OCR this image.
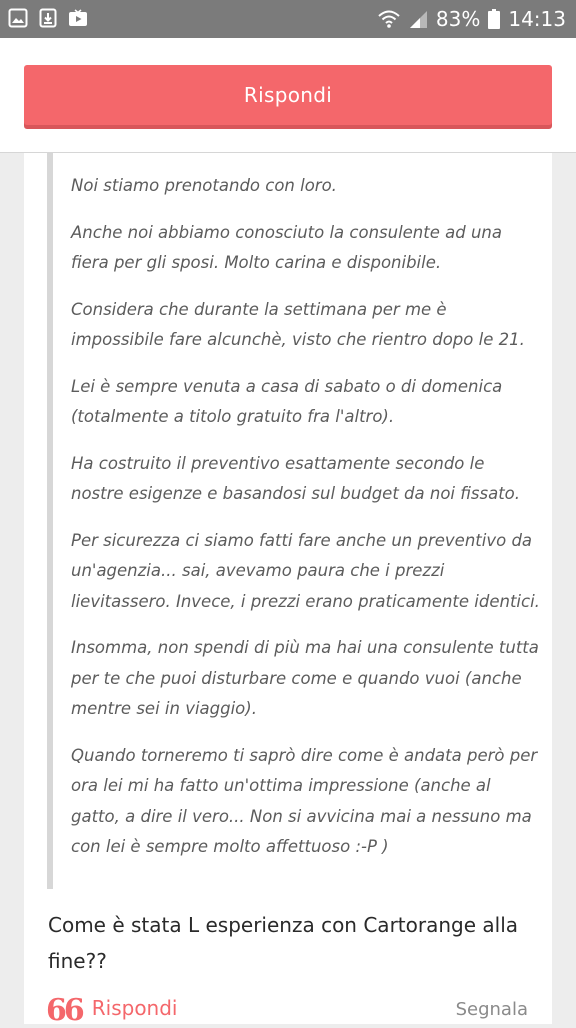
83% 14:13
Rispondi

Noi stiamo prenotando con loro.

Anche noi abbiamo conosciuto la consulente ad una fiera per gli sposi. Molto carina e disponibile.

Considera che durante la settimana per me è impossibile fare alcunchè, visto che rientro dopo le 21.

Lei è sempre venuta a casa di sabato o di domenica (totalmente a titolo gratuito fra l'altro).

Ha costruito il preventivo esattamente secondo le nostre esigenze e basandosi sul budget da noi fissato.

Per sicurezza ci siamo fatti fare anche un preventivo da un'agenzia... sai, avevamo paura che i prezzi lievitassero. Invece, i prezzi erano praticamente identici.

Insomma, non spendi di più ma hai una consulente tutta per te che puoi disturbare come e quando vuoi (anche mentre sei in viaggio).

Quando torneremo ti saprò dire come è andata però per ora lei mi ha fatto un'ottima impressione (anche al gatto, a dire il vero... Non si avvicina mai a nessuno ma con lei è sempre molto affettuoso :-P )

Come è stata L esperienza con Cartorange alla fine??

66 Rispondi	Segnala
